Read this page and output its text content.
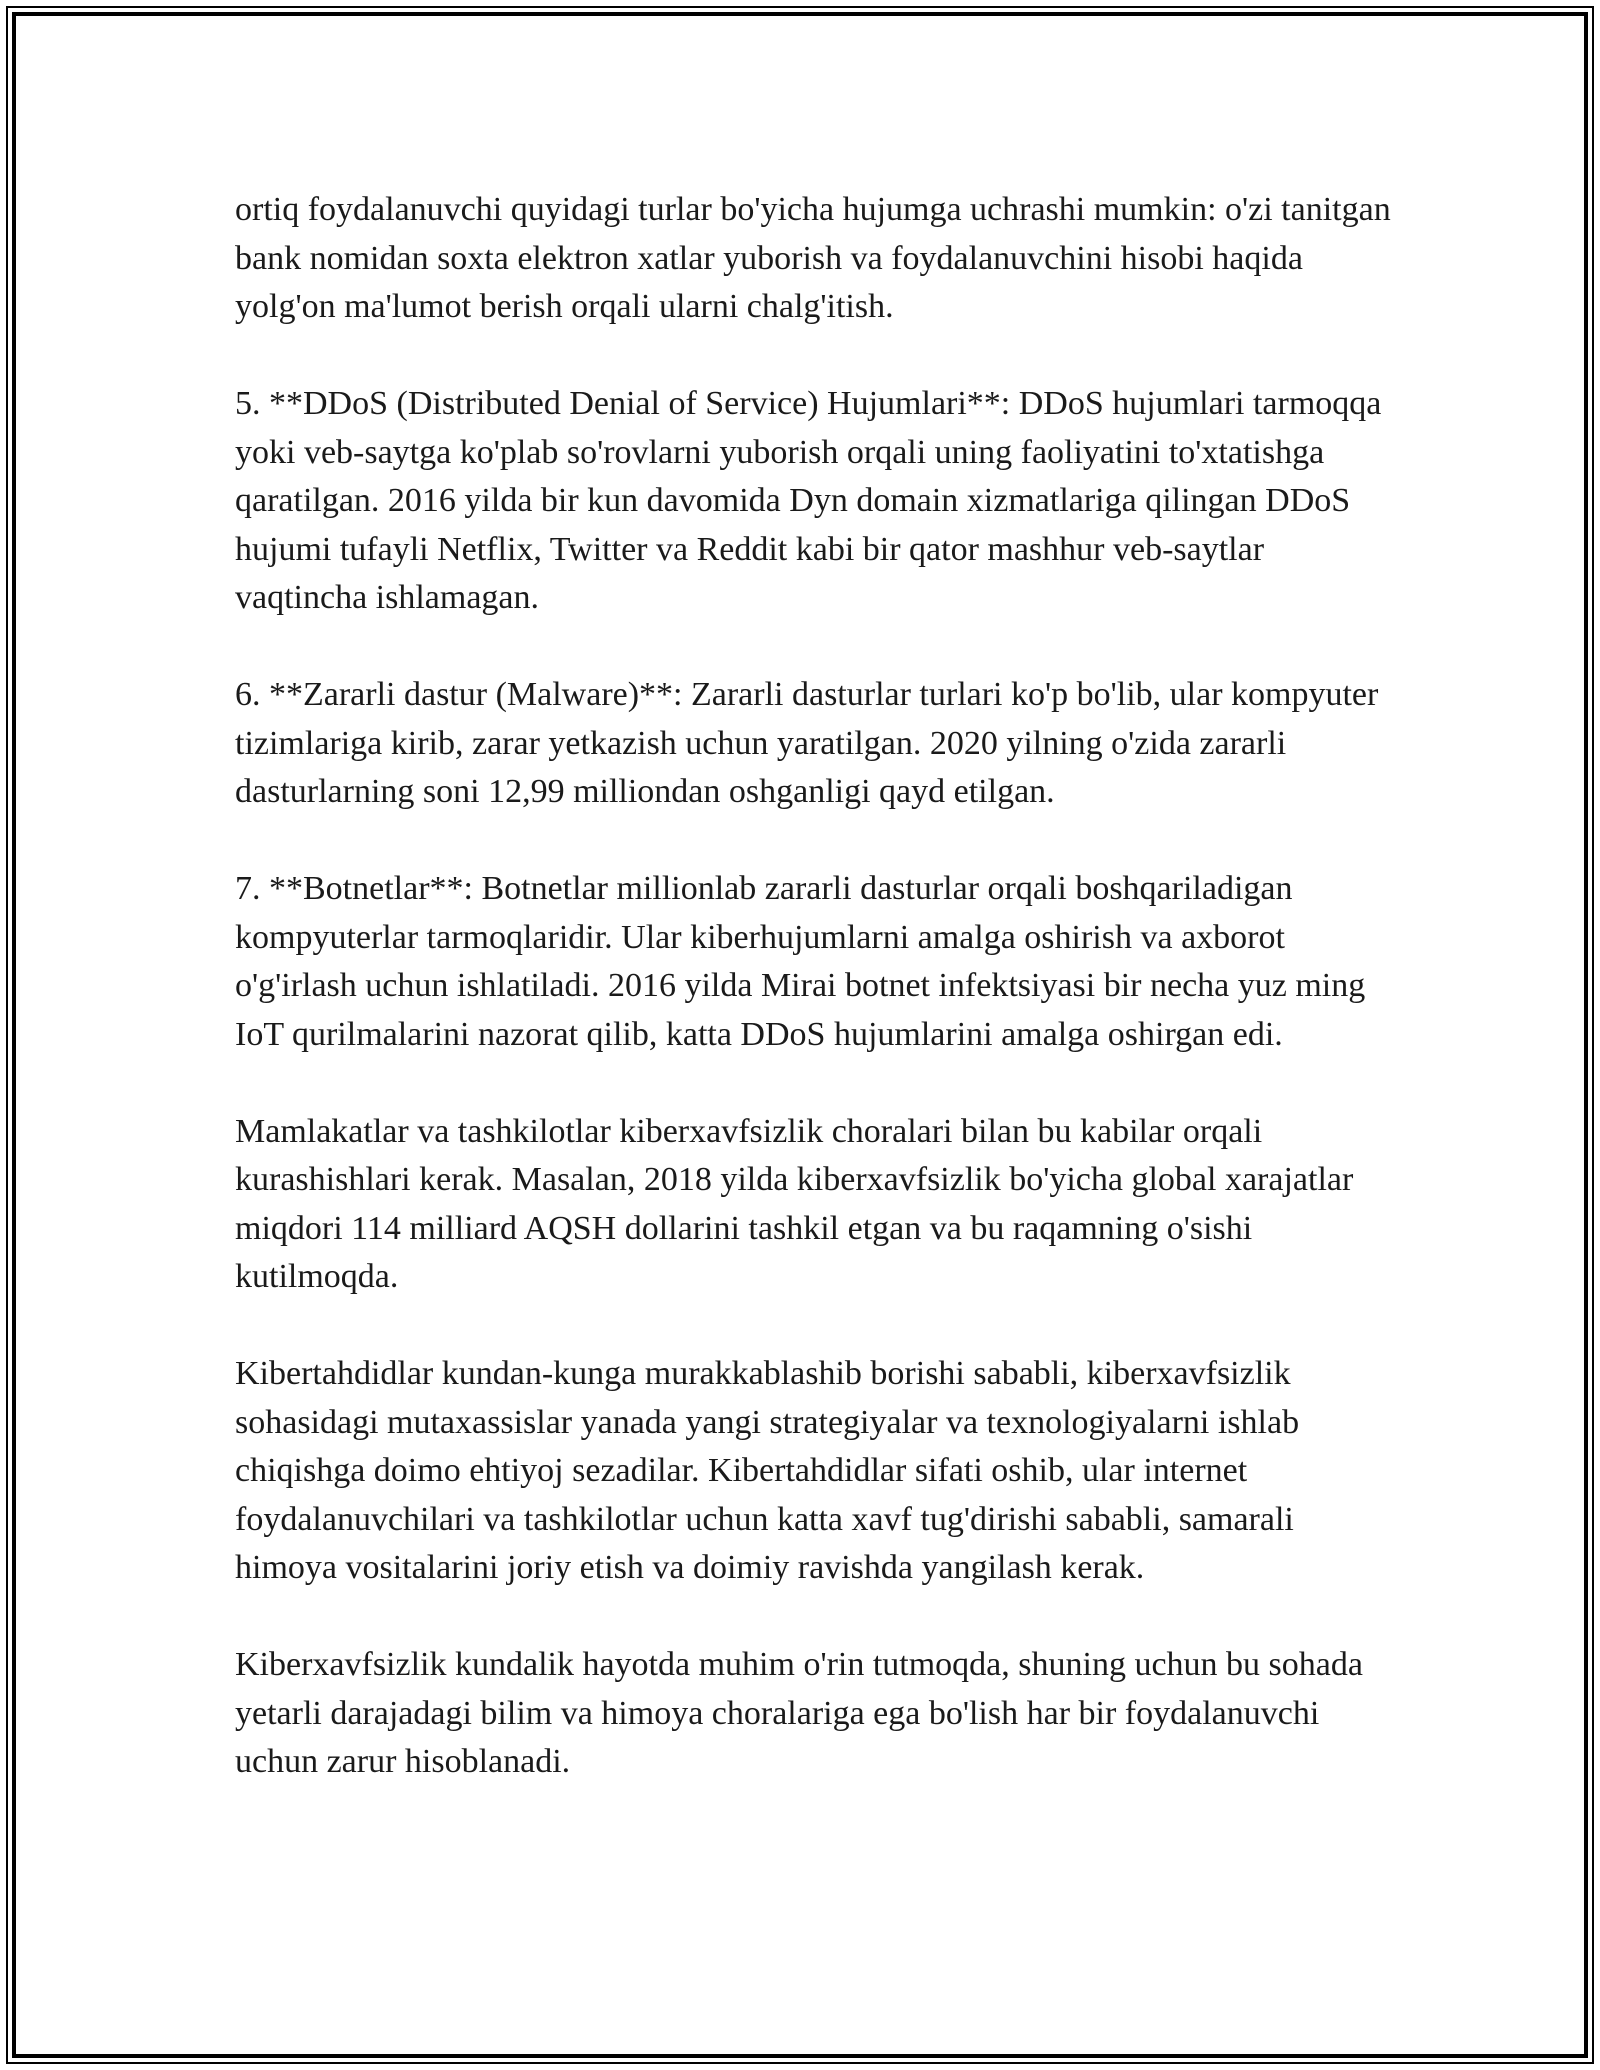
ortiq foydalanuvchi quyidagi turlar bo'yicha hujumga uchrashi mumkin: o'zi tanitgan bank nomidan soxta elektron xatlar yuborish va foydalanuvchini hisobi haqida yolg'on ma'lumot berish orqali ularni chalg'itish.

5. **DDoS (Distributed Denial of Service) Hujumlari**: DDoS hujumlari tarmoqqa yoki veb-saytga ko'plab so'rovlarni yuborish orqali uning faoliyatini to'xtatishga qaratilgan. 2016 yilda bir kun davomida Dyn domain xizmatlariga qilingan DDoS hujumi tufayli Netflix, Twitter va Reddit kabi bir qator mashhur veb-saytlar vaqtincha ishlamagan.

6. **Zararli dastur (Malware)**: Zararli dasturlar turlari ko'p bo'lib, ular kompyuter tizimlariga kirib, zarar yetkazish uchun yaratilgan. 2020 yilning o'zida zararli dasturlarning soni 12,99 milliondan oshganligi qayd etilgan.

7. **Botnetlar**: Botnetlar millionlab zararli dasturlar orqali boshqariladigan kompyuterlar tarmoqlaridir. Ular kiberhujumlarni amalga oshirish va axborot o'g'irlash uchun ishlatiladi. 2016 yilda Mirai botnet infektsiyasi bir necha yuz ming IoT qurilmalarini nazorat qilib, katta DDoS hujumlarini amalga oshirgan edi.

Mamlakatlar va tashkilotlar kiberxavfsizlik choralari bilan bu kabilar orqali kurashishlari kerak. Masalan, 2018 yilda kiberxavfsizlik bo'yicha global xarajatlar miqdori 114 milliard AQSH dollarini tashkil etgan va bu raqamning o'sishi kutilmoqda.

Kibertahdidlar kundan-kunga murakkablashib borishi sababli, kiberxavfsizlik sohasidagi mutaxassislar yanada yangi strategiyalar va texnologiyalarni ishlab chiqishga doimo ehtiyoj sezadilar. Kibertahdidlar sifati oshib, ular internet foydalanuvchilari va tashkilotlar uchun katta xavf tug'dirishi sababli, samarali himoya vositalarini joriy etish va doimiy ravishda yangilash kerak.

Kiberxavfsizlik kundalik hayotda muhim o'rin tutmoqda, shuning uchun bu sohada yetarli darajadagi bilim va himoya choralariga ega bo'lish har bir foydalanuvchi uchun zarur hisoblanadi.
